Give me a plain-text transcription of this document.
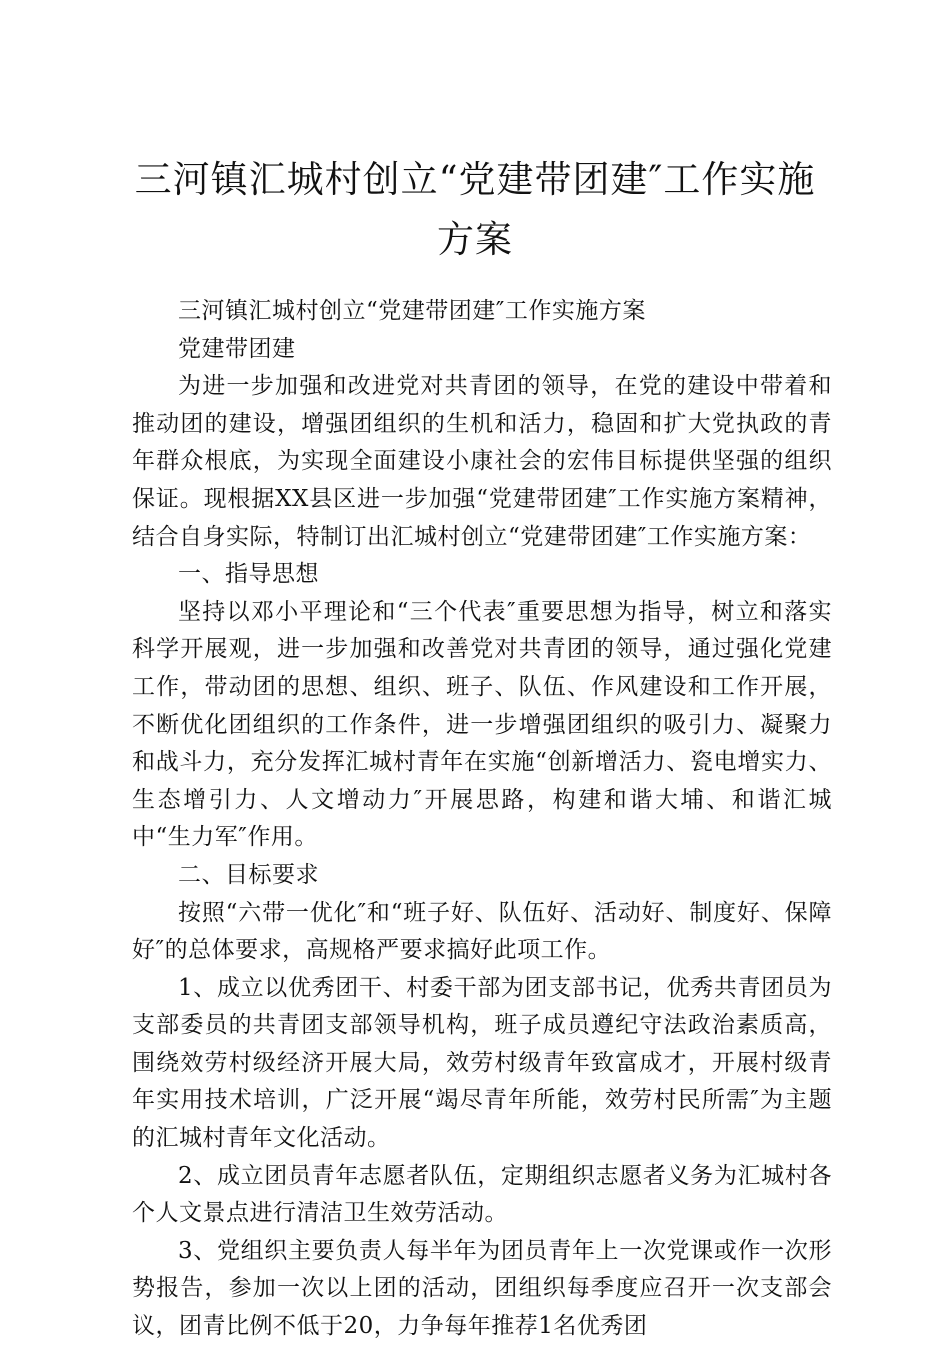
三河镇汇城村创立“党建带团建″工作实施方案

三河镇汇城村创立“党建带团建″工作实施方案

党建带团建

为进一步加强和改进党对共青团的领导，在党的建设中带着和推动团的建设，增强团组织的生机和活力，稳固和扩大党执政的青年群众根底，为实现全面建设小康社会的宏伟目标提供坚强的组织保证。现根据XX县区进一步加强“党建带团建″工作实施方案精神，结合自身实际，特制订出汇城村创立“党建带团建″工作实施方案：

一、指导思想

坚持以邓小平理论和“三个代表″重要思想为指导，树立和落实科学开展观，进一步加强和改善党对共青团的领导，通过强化党建工作，带动团的思想、组织、班子、队伍、作风建设和工作开展，不断优化团组织的工作条件，进一步增强团组织的吸引力、凝聚力和战斗力，充分发挥汇城村青年在实施“创新增活力、瓷电增实力、生态增引力、人文增动力″开展思路，构建和谐大埔、和谐汇城中“生力军″作用。

二、目标要求

按照“六带一优化″和“班子好、队伍好、活动好、制度好、保障好″的总体要求，高规格严要求搞好此项工作。

1、成立以优秀团干、村委干部为团支部书记，优秀共青团员为支部委员的共青团支部领导机构，班子成员遵纪守法政治素质高，围绕效劳村级经济开展大局，效劳村级青年致富成才，开展村级青年实用技术培训，广泛开展“竭尽青年所能，效劳村民所需″为主题的汇城村青年文化活动。

2、成立团员青年志愿者队伍，定期组织志愿者义务为汇城村各个人文景点进行清洁卫生效劳活动。

3、党组织主要负责人每半年为团员青年上一次党课或作一次形势报告，参加一次以上团的活动，团组织每季度应召开一次支部会议，团青比例不低于20，力争每年推荐1名优秀团
